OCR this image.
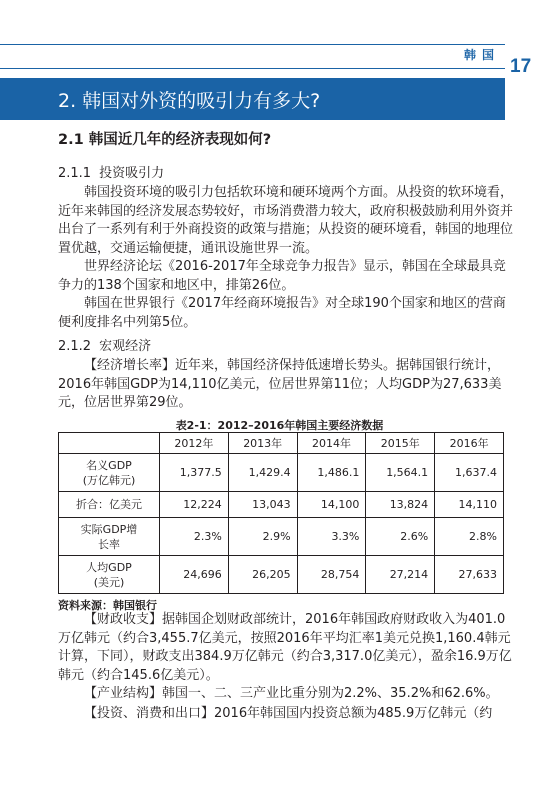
韩国
17
2. 韩国对外资的吸引力有多大?
2.1 韩国近几年的经济表现如何?
2.1.1 投资吸引力

韩国投资环境的吸引力包括软环境和硬环境两个方面。从投资的软环境看，近年来韩国的经济发展态势较好，市场消费潜力较大，政府积极鼓励利用外资并出台了一系列有利于外商投资的政策与措施；从投资的硬环境看，韩国的地理位置优越，交通运输便捷，通讯设施世界一流。

世界经济论坛《2016-2017年全球竞争力报告》显示，韩国在全球最具竞争力的138个国家和地区中，排第26位。

韩国在世界银行《2017年经商环境报告》对全球190个国家和地区的营商便利度排名中列第5位。

2.1.2 宏观经济

【经济增长率】近年来，韩国经济保持低速增长势头。据韩国银行统计，2016年韩国GDP为14,110亿美元，位居世界第11位；人均GDP为27,633美元，位居世界第29位。

表2-1：2012–2016年韩国主要经济数据

	2012年	2013年	2014年	2015年	2016年
名义GDP
(万亿韩元)	1,377.5	1,429.4	1,486.1	1,564.1	1,637.4
折合：亿美元	12,224	13,043	14,100	13,824	14,110
实际GDP增
长率	2.3%	2.9%	3.3%	2.6%	2.8%
人均GDP
(美元)	24,696	26,205	28,754	27,214	27,633

资料来源：韩国银行

【财政收支】据韩国企划财政部统计，2016年韩国政府财政收入为401.0万亿韩元（约合3,455.7亿美元，按照2016年平均汇率1美元兑换1,160.4韩元计算，下同），财政支出384.9万亿韩元（约合3,317.0亿美元），盈余16.9万亿韩元（约合145.6亿美元）。

【产业结构】韩国一、二、三产业比重分别为2.2%、35.2%和62.6%。

【投资、消费和出口】2016年韩国国内投资总额为485.9万亿韩元（约
